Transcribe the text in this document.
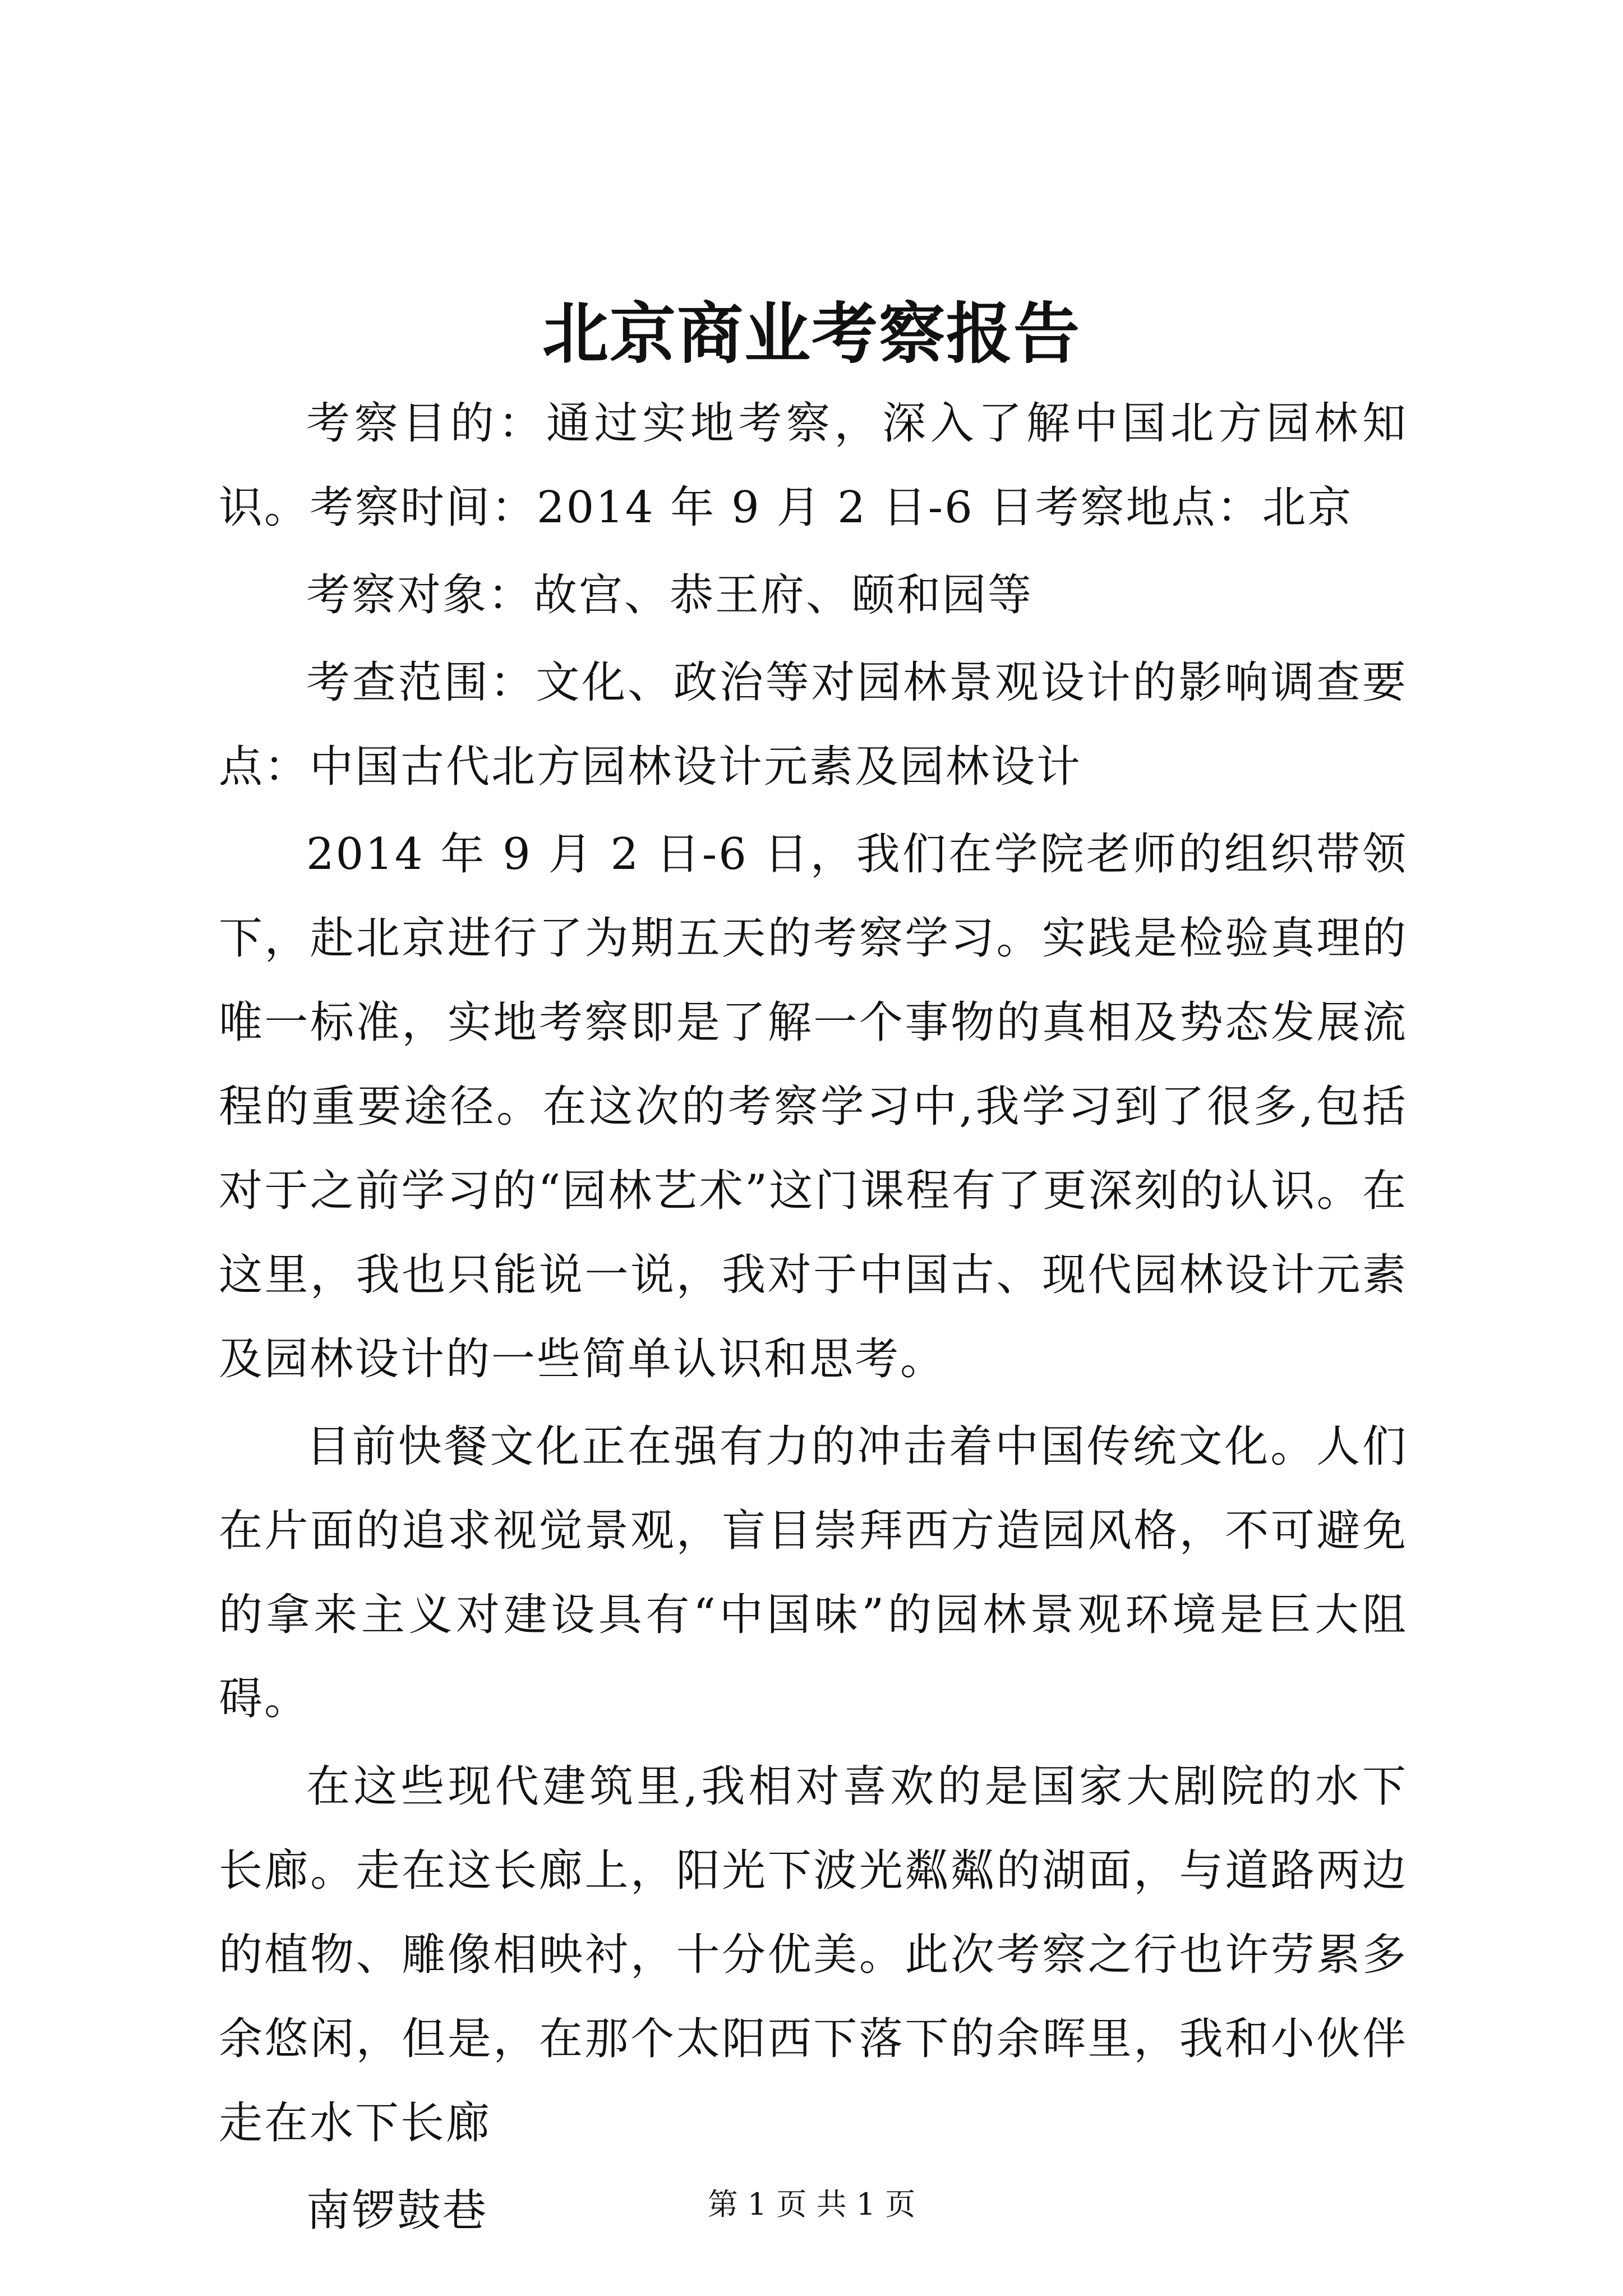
北京商业考察报告

考察目的：通过实地考察，深入了解中国北方园林知识。考察时间：2014 年 9 月 2 日-6 日考察地点：北京

考察对象：故宫、恭王府、颐和园等

考查范围：文化、政治等对园林景观设计的影响调查要点：中国古代北方园林设计元素及园林设计

2014 年 9 月 2 日-6 日，我们在学院老师的组织带领下，赴北京进行了为期五天的考察学习。实践是检验真理的唯一标准，实地考察即是了解一个事物的真相及势态发展流程的重要途径。在这次的考察学习中,我学习到了很多,包括对于之前学习的“园林艺术”这门课程有了更深刻的认识。在这里，我也只能说一说，我对于中国古、现代园林设计元素及园林设计的一些简单认识和思考。

目前快餐文化正在强有力的冲击着中国传统文化。人们在片面的追求视觉景观，盲目崇拜西方造园风格，不可避免的拿来主义对建设具有“中国味”的园林景观环境是巨大阻碍。

在这些现代建筑里,我相对喜欢的是国家大剧院的水下长廊。走在这长廊上，阳光下波光粼粼的湖面，与道路两边的植物、雕像相映衬，十分优美。此次考察之行也许劳累多余悠闲，但是，在那个太阳西下落下的余晖里，我和小伙伴走在水下长廊

南锣鼓巷	第 1 页 共 1 页
